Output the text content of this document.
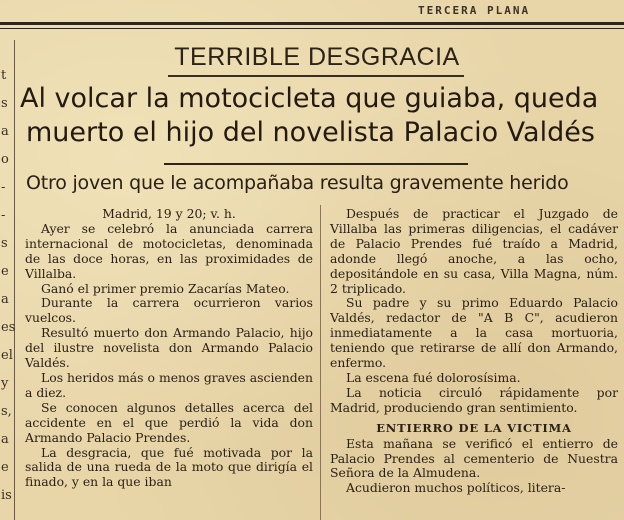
TERCERA PLANA
t
s
a
o
-
-
s
e
a
es
el
y
s,
a
e
is
TERRIBLE DESGRACIA
Al volcar la motocicleta que guiaba, queda
muerto el hijo del novelista Palacio Valdés
Otro joven que le acompañaba resulta gravemente herido

Madrid, 19 y 20; v. h.

Ayer se celebró la anunciada carrera internacional de motocicletas, denominada de las doce horas, en las proximidades de Villalba.

Ganó el primer premio Zacarías Mateo.

Durante la carrera ocurrieron varios vuelcos.

Resultó muerto don Armando Palacio, hijo del ilustre novelista don Armando Palacio Valdés.

Los heridos más o menos graves ascienden a diez.

Se conocen algunos detalles acerca del accidente en el que perdió la vida don Armando Palacio Prendes.

La desgracia, que fué motivada por la salida de una rueda de la moto que dirigía el finado, y en la que iban

Después de practicar el Juzgado de Villalba las primeras diligencias, el cadáver de Palacio Prendes fué traído a Madrid, adonde llegó anoche, a las ocho, depositándole en su casa, Villa Magna, núm. 2 triplicado.

Su padre y su primo Eduardo Palacio Valdés, redactor de "A B C", acudieron inmediatamente a la casa mortuoria, teniendo que retirarse de allí don Armando, enfermo.

La escena fué dolorosísima.

La noticia circuló rápidamente por Madrid, produciendo gran sentimiento.

ENTIERRO DE LA VICTIMA

Esta mañana se verificó el entierro de Palacio Prendes al cementerio de Nuestra Señora de la Almudena.

Acudieron muchos políticos, litera-
